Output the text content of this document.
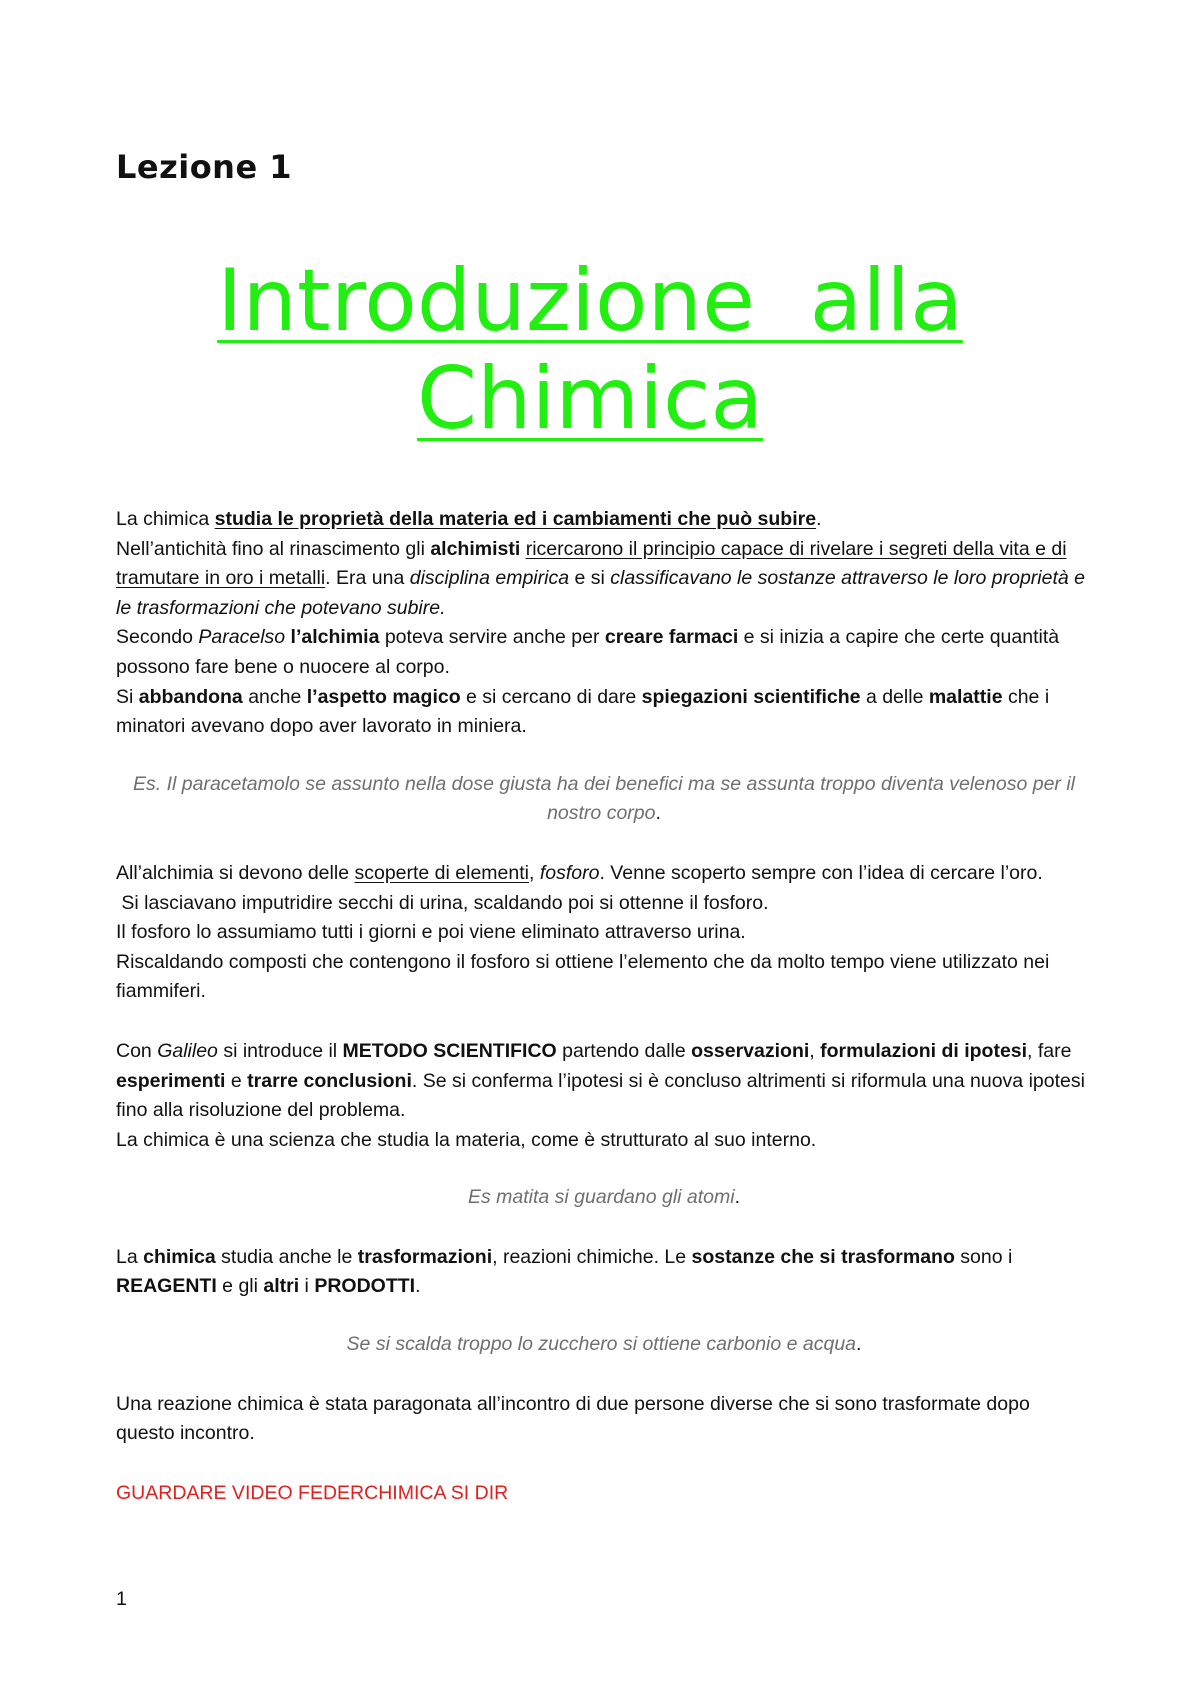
Lezione 1
Introduzione  alla
Chimica

La chimica studia le proprietà della materia ed i cambiamenti che può subire.

Nell’antichità fino al rinascimento gli alchimisti ricercarono il principio capace di rivelare i segreti della vita e di tramutare in oro i metalli. Era una disciplina empirica e si classificavano le sostanze attraverso le loro proprietà e le trasformazioni che potevano subire.
Secondo Paracelso l’alchimia poteva servire anche per creare farmaci e si inizia a capire che certe quantità possono fare bene o nuocere al corpo.
Si abbandona anche l’aspetto magico e si cercano di dare spiegazioni scientifiche a delle malattie che i minatori avevano dopo aver lavorato in miniera.

Es. Il paracetamolo se assunto nella dose giusta ha dei benefici ma se assunta troppo diventa velenoso per il nostro corpo.

All’alchimia si devono delle scoperte di elementi, fosforo. Venne scoperto sempre con l’idea di cercare l’oro.
Si lasciavano imputridire secchi di urina, scaldando poi si ottenne il fosforo.
Il fosforo lo assumiamo tutti i giorni e poi viene eliminato attraverso urina.
Riscaldando composti che contengono il fosforo si ottiene l’elemento che da molto tempo viene utilizzato nei fiammiferi.

Con Galileo si introduce il METODO SCIENTIFICO partendo dalle osservazioni, formulazioni di ipotesi, fare esperimenti e trarre conclusioni. Se si conferma l’ipotesi si è concluso altrimenti si riformula una nuova ipotesi fino alla risoluzione del problema.
La chimica è una scienza che studia la materia, come è strutturato al suo interno.

Es matita si guardano gli atomi.

La chimica studia anche le trasformazioni, reazioni chimiche. Le sostanze che si trasformano sono i REAGENTI e gli altri i PRODOTTI.

Se si scalda troppo lo zucchero si ottiene carbonio e acqua.

Una reazione chimica è stata paragonata all’incontro di due persone diverse che si sono trasformate dopo questo incontro.

GUARDARE VIDEO FEDERCHIMICA SI DIR

1
